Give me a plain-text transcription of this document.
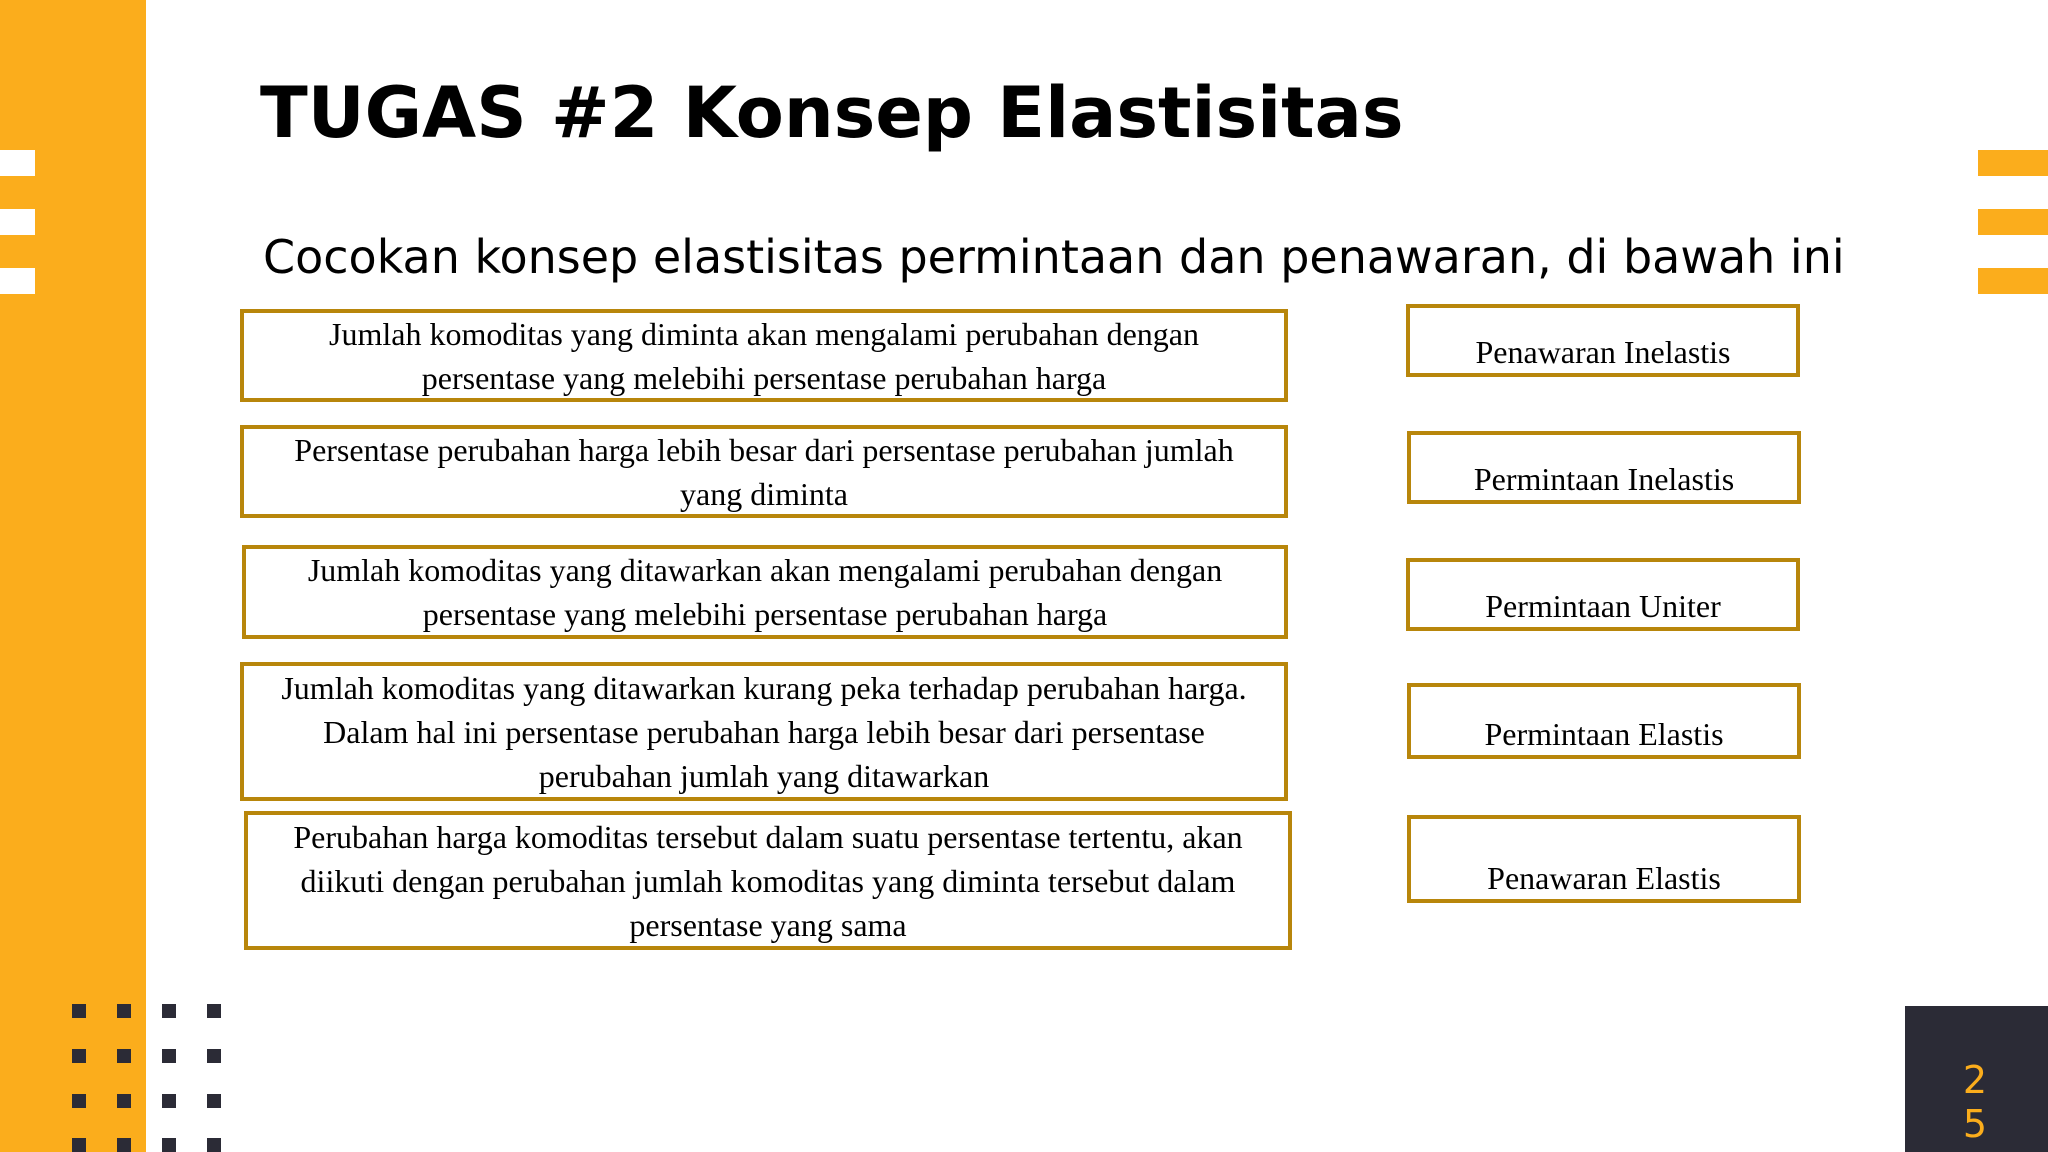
TUGAS #2 Konsep Elastisitas
Cocokan konsep elastisitas permintaan dan penawaran, di bawah ini
Jumlah komoditas yang diminta akan mengalami perubahan dengan persentase yang melebihi persentase perubahan harga
Persentase perubahan harga lebih besar dari persentase perubahan jumlah yang diminta
Jumlah komoditas yang ditawarkan akan mengalami perubahan dengan persentase yang melebihi persentase perubahan harga
Jumlah komoditas yang ditawarkan kurang peka terhadap perubahan harga. Dalam hal ini persentase perubahan harga lebih besar dari persentase perubahan jumlah yang ditawarkan
Perubahan harga komoditas tersebut dalam suatu persentase tertentu, akan diikuti dengan perubahan jumlah komoditas yang diminta tersebut dalam persentase yang sama
Penawaran Inelastis
Permintaan Inelastis
Permintaan Uniter
Permintaan Elastis
Penawaran Elastis
2
5
